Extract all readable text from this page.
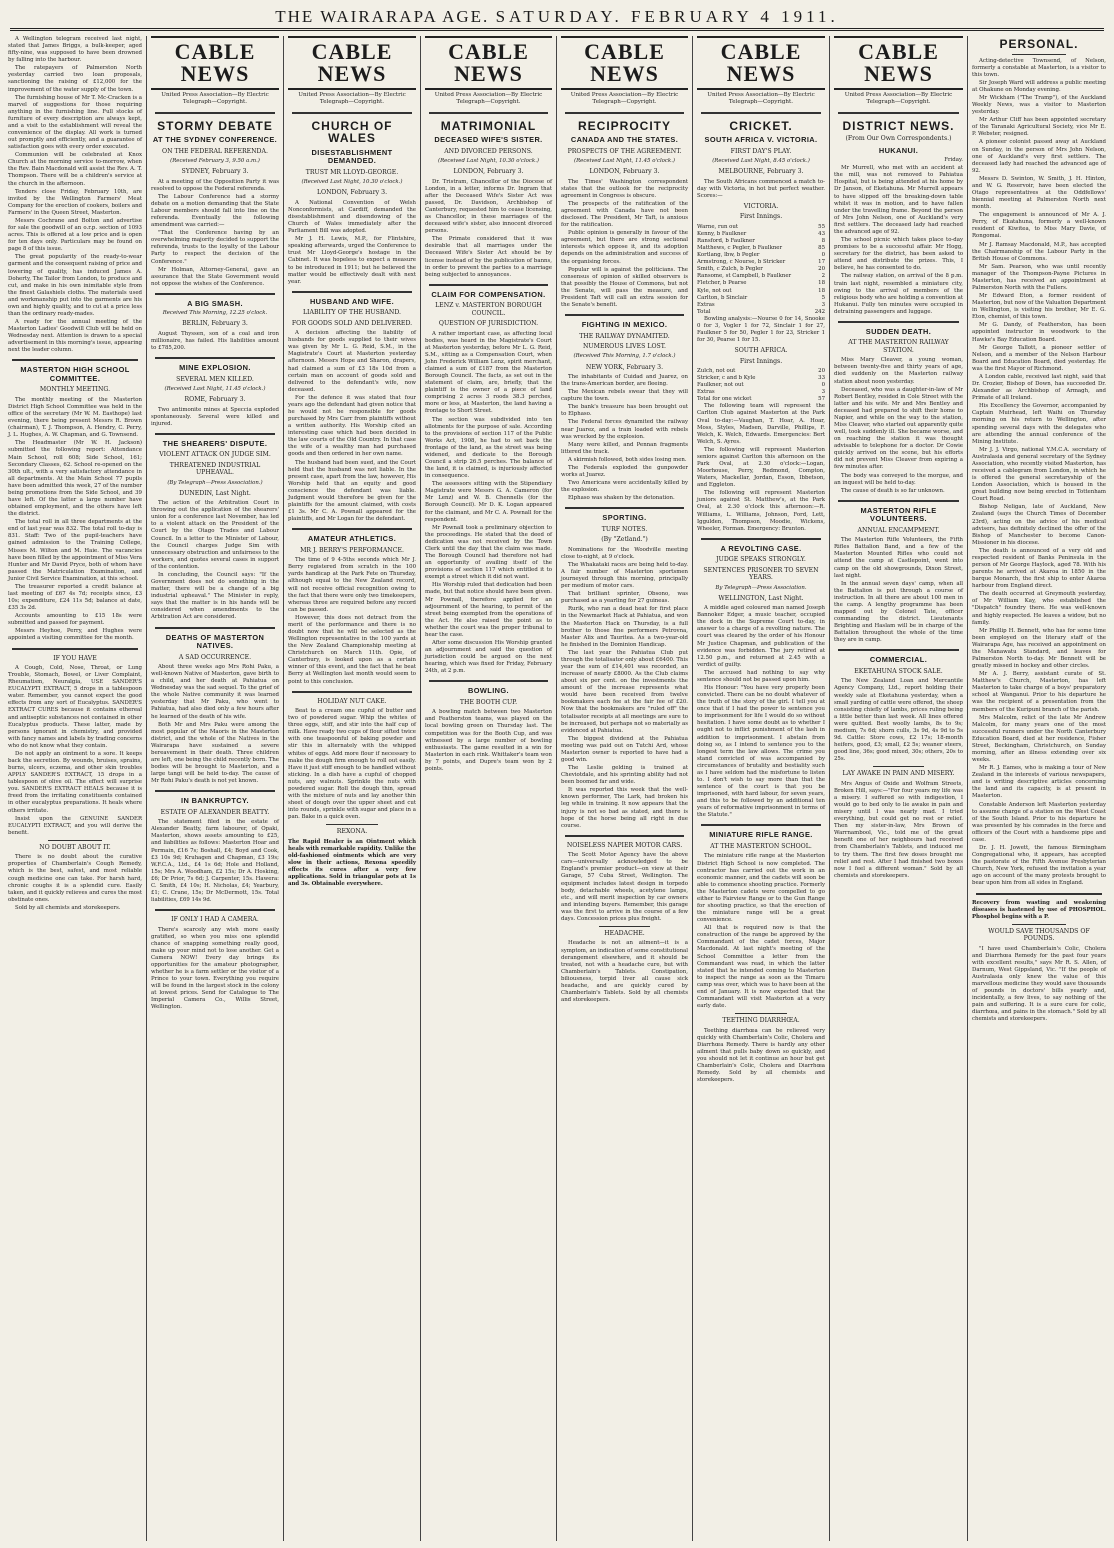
THE WAIRARAPA AGE. SATURDAY. FEBRUARY 4 1911.

A Wellington telegram received last night, stated that James Briggs, a bulk-keeper, aged fifty-nine, was supposed to have been drowned by falling into the harbour.

The ratepayers of Palmerston North yesterday carried two loan proposals, sanctioning the raising of £12,000 for the improvement of the water supply of the town.

The furnishing house of Mr T. Mc-Cracken is a marvel of suggestions for those requiring anything in the furnishing line. Full stocks of furniture of every description are always kept, and a visit to the establishment will reveal the convenience of the display. All work is turned out promptly and efficiently, and a guarantee of satisfaction goes with every order executed.

Communion will be celebrated at Knox Church at the morning service to-morrow, when the Rev. Bain Macdonald will assist the Rev. A. T. Thompson. There will be a children's service at the church in the afternoon.

Tenders close Friday, February 10th, are invited by the Wellington Farmers' Meat Company for the erection of cookers, boilers and Farmers' in the Queen Street, Masterton.

Messrs Cochrane and Bolton and advertise for sale the goodwill of an o.r.p. section of 1093 acres. This is offered at a low price and is open for ten days only. Particulars may be found on page 8 of this issue.

The great popularity of the ready-to-wear garment and the consequent raising of price and lowering of quality, has induced James A. Doherty, The Tailor from London, to produce and cut, and make in his own inimitable style from the finest Galashiels cloths. The materials used and workmanship put into the garments are his own and highly quality, and to cut at a price less than the ordinary ready-mades.

A ready for the annual meeting of the Masterton Ladies' Goodwill Club will be held on Wednesday next. Attention is drawn to a special advertisement in this morning's issue, appearing next the leader column.

MASTERTON HIGH SCHOOL COMMITTEE.
MONTHLY MEETING.

The monthly meeting of the Masterton District High School Committee was held in the office of the secretary (Mr W. M. Easthope) last evening, there being present Messrs R. Brown (chairman), T. J. Thompson, A. Hendry, C. Perry, J. L. Hughes, A. W. Chapman, and G. Townsend.

The Headmaster (Mr W. H. Jackson) submitted the following report: Attendance Main School, roll 608; Side School, 161; Secondary Classes, 62. School re-opened on the 30th ult., with a very satisfactory attendance in all departments. At the Main School 77 pupils have been admitted this week, 27 of the number being promotions from the Side School, and 39 have left. Of the latter a large number have obtained employment, and the others have left the district.

The total roll in all three departments at the end of last year was 832. The total roll to-day is 831. Staff: Two of the pupil-teachers have gained admission to the Training College, Misses M. Wilton and M. Haie. The vacancies have been filled by the appointment of Miss Vera Hunter and Mr David Pryce, both of whom have passed the Matriculation Examination, and Junior Civil Service Examination, at this school.

The treasurer reported a credit balance at last meeting of £67 4s 7d; receipts since, £3 10s; expenditure, £24 11s 5d; balance at date, £35 3s 2d.

Accounts amounting to £15 18s were submitted and passed for payment.

Messrs Heyhoe, Perry, and Hughes were appointed a visiting committee for the month.

IF YOU HAVE

A Cough, Cold, Nose, Throat, or Lung Trouble, Stomach, Bowel, or Liver Complaint, Rheumatism, Neuralgia, USE SANDER'S EUCALYPTI EXTRACT, 5 drops in a tablespoon water. Remember, you cannot expect the good effects from any sort of Eucalyptus. SANDER'S EXTRACT CURES because it contains ethereal and antiseptic substances not contained in other Eucalyptus products. These latter, made by persons ignorant in chemistry, and provided with fancy names and labels by trading concerns who do not know what they contain.

Do not apply an ointment to a sore. It keeps back the secretion. By wounds, bruises, sprains, burns, ulcers, eczema, and other skin troubles APPLY SANDER'S EXTRACT, 15 drops in a tablespoon of olive oil. The effect will surprise you. SANDER'S EXTRACT HEALS because it is freed from the irritating constituents contained in other eucalyptus preparations. It heals where others irritate.

Insist upon the GENUINE SANDER EUCALYPTI EXTRACT, and you will derive the benefit.

NO DOUBT ABOUT IT.

There is no doubt about the curative properties of Chamberlain's Cough Remedy, which is the best, safest, and most reliable cough medicine one can take. For harsh hard, chronic coughs it is a splendid cure. Easily taken, and it quickly relieves and cures the most obstinate ones.

Sold by all chemists and storekeepers.

CABLE NEWS
United Press Association—By Electric Telegraph—Copyright.
STORMY DEBATE
AT THE SYDNEY CONFERENCE.
ON THE FEDERAL REFERENDA.
(Received February 3, 9.50 a.m.)
SYDNEY, February 3.

At a meeting of the Opposition Party it was resolved to oppose the Federal referenda.

The Labour Conference had a stormy debate on a motion demanding that the State Labour members should fall into line on the referenda. Eventually the following amendment was carried:—

"That the Conference having by an overwhelming majority decided to support the referenda, trusts to the loyalty of the Labour Party to respect the decision of the Conference."

Mr Holman, Attorney-General, gave an assurance that the State Government would not oppose the wishes of the Conference.

A BIG SMASH.
Received This Morning, 12.25 o'clock.
BERLIN, February 3.

August Thyssen, son of a coal and iron millionaire, has failed. His liabilities amount to £785,200.

MINE EXPLOSION.
SEVERAL MEN KILLED.
(Received Last Night, 11.45 o'clock.)
ROME, February 3.

Two antimonite mines at Speccia exploded spontaneously. Several were killed and injured.

THE SHEARERS' DISPUTE.
VIOLENT ATTACK ON JUDGE SIM.
THREATENED INDUSTRIAL UPHEAVAL.
(By Telegraph—Press Association.)
DUNEDIN, Last Night.

The action of the Arbitration Court in throwing out the application of the shearers' union for a conference last November, has led to a violent attack on the President of the Court by the Otago Trades and Labour Council. In a letter to the Minister of Labour, the Council charges Judge Sim with unnecessary obstruction and unfairness to the workers, and quotes several cases in support of the contention.

In concluding, the Council says: "If the Government does not do something in the matter, there will be a change of a big industrial upheaval." The Minister in reply, says that the matter is in his hands will be considered when amendments to the Arbitration Act are considered.

DEATHS OF MASTERTON NATIVES.
A SAD OCCURRENCE.

About three weeks ago Mrs Rohi Paku, a well-known Native of Masterton, gave birth to a child, and her death at Pahiatua on Wednesday was the sad sequel. To the grief of the whole Native community it was learned yesterday that Mr Paku, who went to Pahiatua, had also died only a few hours after he learned of the death of his wife.

Both Mr and Mrs Paku were among the most popular of the Maoris in the Masterton district, and the whole of the Natives in the Wairarapa have sustained a severe bereavement in their death. Three children are left, one being the child recently born. The bodies will be brought to Masterton, and a large tangi will be held to-day. The cause of Mr Rohi Paku's death is not yet known.

IN BANKRUPTCY.
ESTATE OF ALEXANDER BEATTY.

The statement filed in the estate of Alexander Beatty, farm labourer, of Opaki, Masterton, shows assets amounting to £25, and liabilities as follows: Masterton Hoar and Permain, £16 7s; Boshall, £4; Boyd and Cook, £3 10s 9d; Kruhagen and Chapman, £3 19s; W.F.C.A., Ltd., £4 1s 6d; Hole and Holland, 15s; Mrs A. Woodham, £2 15s; Dr A. Hosking, £6; Dr Prior, 7s 6d; J. Carpenter, 15s. Hawera: C. Smith, £4 10s; H. Nicholas, £4; Yearbury, £1; C. Crane, 15s; Dr McDermott, 15s. Total liabilities, £69 14s 9d.

IF ONLY I HAD A CAMERA.

There's scarcely any wish more easily gratified, so when you miss one splendid chance of snapping something really good, make up your mind not to lose another. Get a Camera NOW! Every day brings its opportunities for the amateur photographer, whether he is a farm settler or the visitor of a Prince to your town. Everything you require will be found in the largest stock in the colony at lowest prices. Send for Catalogue to The Imperial Camera Co., Willis Street, Wellington.

CABLE NEWS
United Press Association—By Electric Telegraph—Copyright.
CHURCH OF WALES
DISESTABLISHMENT DEMANDED.
TRUST MR LLOYD-GEORGE.
(Received Last Night, 10.30 o'clock.)
LONDON, February 3.

A National Convention of Welsh Nonconformists, at Cardiff, demanded the disestablishment and disendowing of the Church of Wales immediately after the Parliament Bill was adopted.

Mr J. H. Lewis, M.P., for Flintshire, speaking afterwards, urged the Conference to trust Mr Lloyd-George's hostage in the Cabinet. It was hopeless to expect a measure to be introduced in 1911; but he believed the matter would be effectively dealt with next year.

HUSBAND AND WIFE.
LIABILITY OF THE HUSBAND.
FOR GOODS SOLD AND DELIVERED.

A decision affecting the liability of husbands for goods supplied to their wives was given by Mr L. G. Reid, S.M., in the Magistrate's Court at Masterton yesterday afternoon. Messrs Hope and Sharon, drapers, had claimed a sum of £3 18s 10d from a certain man on account of goods sold and delivered to the defendant's wife, now deceased.

For the defence it was stated that four years ago the defendant had given notice that he would not be responsible for goods purchased by Mrs Carr from plaintiffs without a written authority. His Worship cited an interesting case which had been decided in the law courts of the Old Country. In that case the wife of a wealthy man had purchased goods and then ordered in her own name.

The husband had been sued, and the Court held that the husband was not liable. In the present case, apart from the law, however, His Worship held that an equity and good conscience the defendant was liable. Judgment would therefore be given for the plaintiffs for the amount claimed, with costs £1 3s. Mr C. A. Pownall appeared for the plaintiffs, and Mr Logan for the defendant.

AMATEUR ATHLETICS.
MR J. BERRY'S PERFORMANCE.

The time of 9 4-5ths seconds which Mr J. Berry registered from scratch in the 100 yards handicap at the Park Fete on Thursday, although equal to the New Zealand record, will not receive official recognition owing to the fact that there were only two timekeepers, whereas three are required before any record can be passed.

However, this does not detract from the merit of the performance and there is no doubt now that he will be selected as the Wellington representative in the 100 yards at the New Zealand Championship meeting at Christchurch on March 11th. Opie, of Canterbury, is looked upon as a certain winner of this event, and the fact that he beat Berry at Wellington last month would seem to point to this conclusion.

HOLIDAY NUT CAKE.

Beat to a cream one cupful of butter and two of powdered sugar. Whip the whites of three eggs, stiff, and stir into the half cup of milk. Have ready two cups of flour sifted twice with one teaspoonful of baking powder and stir this in alternately with the whipped whites of eggs. Add more flour if necessary to make the dough firm enough to roll out easily. Have it just stiff enough to be handled without sticking. In a dish have a cupful of chopped nuts, any walnuts. Sprinkle the nuts with powdered sugar. Roll the dough thin, spread with the mixture of nuts and lay another thin sheet of dough over the upper sheet and cut into rounds, sprinkle with sugar and place in a pan. Bake in a quick oven.

REXONA.

The Rapid Healer is an Ointment which heals with remarkable rapidity. Unlike the old-fashioned ointments which are very slow in their actions, Rexona speedily effects its cures after a very few applications. Sold in triangular pots at 1s and 3s. Obtainable everywhere.

CABLE NEWS
United Press Association—By Electric Telegraph—Copyright.
MATRIMONIAL
DECEASED WIFE'S SISTER.
AND DIVORCED PERSONS.
(Received Last Night, 10.30 o'clock.)
LONDON, February 3.

Dr. Tristram, Chancellor of the Diocese of London, in a letter, informs Dr. Ingram that after the Deceased Wife's Sister Act was passed, Dr. Davidson, Archbishop of Canterbury, requested him to cease licensing, as Chancellor, in these marriages of the deceased wife's sister, also innocent divorced persons.

The Primate considered that it was desirable that all marriages under the Deceased Wife's Sister Act should be by license instead of by the publication of banns, in order to prevent the parties to a marriage being subjected to annoyances.

CLAIM FOR COMPENSATION.
LENZ v. MASTERTON BOROUGH COUNCIL.
QUESTION OF JURISDICTION.

A rather important case, as affecting local bodies, was heard in the Magistrate's Court at Masterton yesterday, before Mr L. G. Reid, S.M., sitting as a Compensation Court, when John Frederick William Lenz, spirit merchant, claimed a sum of £187 from the Masterton Borough Council. The facts, as set out in the statement of claim, are, briefly, that the plaintiff is the owner of a piece of land comprising 2 acres 3 roods 38.3 perches, more or less, at Masterton, the land having a frontage to Short Street.

The section was subdivided into ten allotments for the purpose of sale. According to the provisions of section 117 of the Public Works Act, 1908, he had to set back the frontage of the land, as the street was being widened, and dedicate to the Borough Council a strip 26.5 perches. The balance of the land, it is claimed, is injuriously affected in consequence.

The assessors sitting with the Stipendiary Magistrate were Messrs G. A. Cameron (for Mr Lenz) and W. B. Chennells (for the Borough Council). Mr D. K. Logan appeared for the claimant, and Mr C. A. Pownall for the respondent.

Mr Pownall took a preliminary objection to the proceedings. He stated that the deed of dedication was not received by the Town Clerk until the day that the claim was made. The Borough Council had therefore not had an opportunity of availing itself of the provisions of section 117 which entitled it to exempt a street which it did not want.

His Worship ruled that dedication had been made, but that notice should have been given. Mr Pownall, therefore applied for an adjournment of the hearing, to permit of the street being exempted from the operations of the Act. He also raised the point as to whether the court was the proper tribunal to hear the case.

After some discussion His Worship granted an adjournment and said the question of jurisdiction could be argued on the next hearing, which was fixed for Friday, February 24th, at 2 p.m.

BOWLING.
THE BOOTH CUP.

A bowling match between two Masterton and Featherston teams, was played on the local bowling green on Thursday last. The competition was for the Booth Cup, and was witnessed by a large number of bowling enthusiasts. The game resulted in a win for Masterton in each rink. Whittaker's team won by 7 points, and Dupre's team won by 2 points.

CABLE NEWS
United Press Association—By Electric Telegraph—Copyright.
RECIPROCITY
CANADA AND THE STATES.
PROSPECTS OF THE AGREEMENT.
(Received Last Night, 11.45 o'clock.)
LONDON, February 3.

The Times' Washington correspondent states that the outlook for the reciprocity agreement in Congress is obscure.

The prospects of the ratification of the agreement with Canada have not been disclosed. The President, Mr Taft, is anxious for the ratification.

Public opinion is generally in favour of the agreement, but there are strong sectional interests which oppose it, and its adoption depends on the administration and success of the organising forces.

Popular will is against the politicians. The consensus of opinion of skilled observers is that possibly the House of Commons, but not the Senate, will pass the measure, and President Taft will call an extra session for the Senate's benefit.

FIGHTING IN MEXICO.
THE RAILWAY DYNAMITED.
NUMEROUS LIVES LOST.
(Received This Morning, 1.7 o'clock.)
NEW YORK, February 3.

The inhabitants of Cuidad and Juarez, on the trans-American border, are fleeing.

The Mexican rebels swear that they will capture the town.

The bank's treasure has been brought out to Elphaso.

The Federal forces dynamited the railway near Juarez, and a train loaded with rebels was wrecked by the explosion.

Many were killed, and Pennan fragments littered the track.

A skirmish followed, both sides losing men.

The Federals exploded the gunpowder works at Juarez.

Two Americans were accidentally killed by the explosion.

Elphaso was shaken by the detonation.

SPORTING.
TURF NOTES.
(By "Zetland.")

Nominations for the Woodville meeting close to-night, at 9 o'clock.

The Whakataki races are being held to-day. A fair number of Masterton sportsmen journeyed through this morning, principally per medium of motor cars.

That brilliant sprinter, Obsono, was purchased as a yearling for 27 guineas.

Rurik, who ran a dead heat for first place in the Newmarket Hack at Pahiatua, and won the Masterton Hack on Thursday, is a full brother to those fine performers Petrovna, Master Alix and Tauritea. As a two-year-old he finished in the Dominion Handicap.

The last year the Pahiatua Club put through the totalisator only about £6400. This year the sum of £14,401 was recorded, an increase of nearly £8000. As the Club claims about six per cent. on the investments the amount of the increase represents what would have been received from twelve bookmakers each fee at the fair fee of £20. Now that the bookmakers are "ruled off" the totalisator receipts at all meetings are sure to be increased, but perhaps not so materially as evidenced at Pahiatua.

The biggest dividend at the Pahiatua meeting was paid out on Tutchi Ard, whose Masterton owner is reported to have had a good win.

The Leslie gelding is trained at Cheviotdale, and his sprinting ability had not been boomed far and wide.

It was reported this week that the well-known performer, The Lark, had broken his leg while in training. It now appears that the injury is not so bad as stated, and there is hope of the horse being all right in due course.

NOISELESS NAPIER MOTOR CARS.

The Scott Motor Agency have the above cars—universally acknowledged to be England's premier product—on view at their Garage, 57 Cuba Street, Wellington. The equipment includes latest design in torpedo body, detachable wheels, acetylene lamps, etc., and will merit inspection by car owners and intending buyers. Remember, this garage was the first to arrive in the course of a few days. Concession prices plus freight.

HEADACHE.

Headache is not an ailment—it is a symptom, an indication of some constitutional derangement elsewhere, and it should be treated, not with a headache cure, but with Chamberlain's Tablets. Constipation, biliousness, torpid liver all cause sick headache, and are quickly cured by Chamberlain's Tablets. Sold by all chemists and storekeepers.

CABLE NEWS
United Press Association—By Electric Telegraph—Copyright.
CRICKET.
SOUTH AFRICA V. VICTORIA.
FIRST DAY'S PLAY.
(Received Last Night, 8.45 o'clock.)
MELBOURNE, February 3.

The South Africans commenced a match to-day with Victoria, in hot but perfect weather. Scores:—

VICTORIA.
First Innings.
Warne, run out	55
Kenny, b Faulkner	43
Ransford, b Faulkner	8
Matthews, c Pegler, b Faulkner	85
Kortlang, lbw, b Pegler	0
Armstrong, c Nourse, b Stricker	17
Smith, c Zulch, b Pegler	20
Ransome, st Campbell, b Faulkner	2
Fletcher, b Pearse	18
Kyle, not out	18
Carlton, b Sinclair	5
Extras	3
Total	242

Bowling analysis:—Nourse 0 for 14, Snooke 0 for 3, Vogler 1 for 72, Sinclair 1 for 27, Faulkner 5 for 50, Pegler 1 for 23, Stricker 1 for 30, Pearse 1 for 15.

SOUTH AFRICA.
First Innings.
Zulch, not out	20
Stricker, c and b Kyle	33
Faulkner, not out	0
Extras	3
Total for one wicket	57

The following team will represent the Carlton Club against Masterton at the Park Oval to-day:—Vaughan, T. Hoar, A. Hoar, Moss, Styles, Madsen, Darville, Phillips, F. Welch, K. Welch, Edwards. Emergencies: Bert Welch, S. Ayres.

The following will represent Masterton seniors against Carlton this afternoon on the Park Oval, at 2.30 o'clock:—Logan, Moorhouse, Perry, Redmond, Compton, Waters, Mackellar, Jordan, Esson, Ibbetson, and Eggleton.

The following will represent Masterton juniors against St. Matthew's, at the Park Oval, at 2.30 o'clock this afternoon:—R. Williams, L. Williams, Johnson, Ford, Lett, Iggulden, Thompson, Moodie, Wickens, Wheeler, Forman. Emergency: Brunton.

A REVOLTING CASE.
JUDGE SPEAKS STRONGLY.
SENTENCES PRISONER TO SEVEN YEARS.
By Telegraph—Press Association.
WELLINGTON, Last Night.

A middle aged coloured man named Joseph Bannoker Edger, a music teacher, occupied the dock in the Supreme Court to-day, in answer to a charge of a revolting nature. The court was cleared by the order of his Honour Mr Justice Chapman, and publication of the evidence was forbidden. The jury retired at 12.50 p.m., and returned at 2.45 with a verdict of guilty.

The accused had nothing to say why sentence should not be passed upon him.

His Honour: "You have very properly been convicted. There can be no doubt whatever of the truth of the story of the girl. I tell you at once that if I had the power to sentence you to imprisonment for life I would do so without hesitation. I have some doubt as to whether I ought not to inflict punishment of the lash in addition to imprisonment. I abstain from doing so, as I intend to sentence you to the longest term the law allows. The crime you stand convicted of was accompanied by circumstances of brutality and bestiality such as I have seldom had the misfortune to listen to. I don't wish to say more than that the sentence of the court is that you be imprisoned, with hard labour, for seven years, and this to be followed by an additional ten years of reformative imprisonment in terms of the Statute."

MINIATURE RIFLE RANGE.
AT THE MASTERTON SCHOOL.

The miniature rifle range at the Masterton District High School is now completed. The contractor has carried out the work in an economic manner, and the cadets will soon be able to commence shooting practice. Formerly the Masterton cadets were compelled to go either to Fairview Range or to the Gun Range for shooting practice, so that the erection of the miniature range will be a great convenience.

All that is required now is that the construction of the range be approved by the Commandant of the cadet forces, Major Macdonald. At last night's meeting of the School Committee a letter from the Commandant was read, in which the latter stated that he intended coming to Masterton to inspect the range as soon as the Timaru camp was over, which was to have been at the end of January. It is now expected that the Commandant will visit Masterton at a very early date.

TEETHING DIARRHŒA.

Teething diarrhœa can be relieved very quickly with Chamberlain's Colic, Cholera and Diarrhœa Remedy. There is hardly any other ailment that pulls baby down so quickly, and you should not let it continue an hour but get Chamberlain's Colic, Cholera and Diarrhœa Remedy. Sold by all chemists and storekeepers.

CABLE NEWS
United Press Association—By Electric Telegraph—Copyright.
DISTRICT NEWS.
(From Our Own Correspondents.)
HUKANUI.

Friday.

Mr Murrell, who met with an accident at the mill, was not removed to Pahiatua Hospital, but is being attended at his home by Dr Janson, of Eketahuna. Mr Murrell appears to have slipped off the breaking-down table whilst it was in motion, and to have fallen under the travelling frame. Beyond the person of Mrs John Nelson, one of Auckland's very first settlers. The deceased lady had reached the advanced age of 92.

The school picnic which takes place to-day promises to be a successful affair. Mr Hogg, secretary for the district, has been asked to attend and distribute the prizes. This, I believe, he has consented to do.

The railway station, on arrival of the 8 p.m. train last night, resembled a miniature city, owing to the arrival of members of the religious body who are holding a convention at Hukanui. Fully ten minutes were occupied in detraining passengers and luggage.

SUDDEN DEATH.
AT THE MASTERTON RAILWAY STATION.

Miss Mary Cleaver, a young woman, between twenty-five and thirty years of age, died suddenly on the Masterton railway station about noon yesterday.

Deceased, who was a daughter-in-law of Mr Robert Bentley, resided in Cole Street with the latter and his wife. Mr and Mrs Bentley and deceased had prepared to shift their home to Napier, and while on the way to the station, Miss Cleaver, who started out apparently quite well, took suddenly ill. She became worse, and on reaching the station it was thought advisable to telephone for a doctor. Dr Cowie quickly arrived on the scene, but his efforts did not prevent Miss Cleaver from expiring a few minutes after.

The body was conveyed to the morgue, and an inquest will be held to-day.

The cause of death is so far unknown.

MASTERTON RIFLE VOLUNTEERS.
ANNUAL ENCAMPMENT.

The Masterton Rifle Volunteers, the Fifth Rifles Battalion Band, and a few of the Masterton Mounted Rifles who could not attend the camp at Castlepoint, went into camp on the old showgrounds, Dixon Street, last night.

In the annual seven days' camp, when all the Battalion is put through a course of instruction. In all there are about 100 men in the camp. A lengthy programme has been mapped out by Colonel Tate, officer commanding the district. Lieutenants Brighting and Haslam will be in charge of the Battalion throughout the whole of the time they are in camp.

COMMERCIAL.
EKETAHUNA STOCK SALE.

The New Zealand Loan and Mercantile Agency Company, Ltd., report holding their weekly sale at Eketahuna yesterday, when a small yarding of cattle were offered, the sheep consisting chiefly of lambs, prices ruling being a little better than last week. All lines offered were quitted. Best woolly lambs, 8s to 9s; medium, 7s 6d; shorn culls, 3s 9d, 4s 9d to 5s 9d. Cattle: Store cows, £2 17s; 18-month heifers, good, £3; small, £2 5s; weaner steers, good line, 36s; good mixed, 30s; others, 20s to 25s.

LAY AWAKE IN PAIN AND MISERY.

Mrs Angus of Oxide and Wolfram Streets, Broken Hill, says:—"For four years my life was a misery. I suffered so with indigestion, I would go to bed only to lie awake in pain and misery until I was nearly mad. I tried everything, but could get no rest or relief. Then my sister-in-law, Mrs Brown of Warrnambool, Vic., told me of the great benefit one of her neighbours had received from Chamberlain's Tablets, and induced me to try them. The first few doses brought me relief and rest. After I had finished two boxes now I feel a different woman." Sold by all chemists and storekeepers.

PERSONAL.

Acting-detective Townsend, of Nelson, formerly a constable at Masterton, is a visitor to this town.

Sir Joseph Ward will address a public meeting at Ohakune on Monday evening.

Mr Wickham ("The Tramp"), of the Auckland Weekly News, was a visitor to Masterton yesterday.

Mr Arthur Cliff has been appointed secretary of the Taranaki Agricultural Society, vice Mr E. P. Webster, resigned.

A pioneer colonist passed away at Auckland on Sunday, in the person of Mrs John Nelson, one of Auckland's very first settlers. The deceased lady had reached the advanced age of 92.

Messrs D. Swinton, W. Smith, J. H. Hinton, and W. G. Reservoir, have been elected the Otago representatives at the Oddfellows' biennial meeting at Palmerston North next month.

The engagement is announced of Mr A. J. Perry, of Ekatahuna, formerly a well-known resident of Kiwitea, to Miss Mary Davie, of Rongomai.

Mr J. Ramsay Macdonald, M.P., has accepted the Chairmanship of the Labour Party in the British House of Commons.

Mr Sam. Pearson, who was until recently manager of the Thompson-Payne Pictures in Masterton, has received an appointment at Palmerston North with the Fullers.

Mr Edward Eton, a former resident of Masterton, but now of the Valuation Department in Wellington, is visiting his brother, Mr E. G. Eton, chemist, of this town.

Mr G. Dandy, of Featherston, has been appointed instructor in woodwork to the Hawke's Bay Education Board.

Mr George Tallott, a pioneer settler of Nelson, and a member of the Nelson Harbour Board and Education Board, died yesterday. He was the first Mayor of Richmond.

A London cable, received last night, said that Dr. Crozier, Bishop of Down, has succeeded Dr. Alexander as Archbishop of Armagh, and Primate of all Ireland.

His Excellency the Governor, accompanied by Captain Muirhead, left Waihi on Thursday morning on his return to Wellington, after spending several days with the delegates who are attending the annual conference of the Mining Institute.

Mr J. J. Virgo, national Y.M.C.A. secretary of Australasia and general secretary of the Sydney Association, who recently visited Masterton, has received a cablegram from London, in which he is offered the general secretaryship of the London Association, which is housed in the great building now being erected in Tottenham Court Road.

Bishop Neligan, late of Auckland, New Zealand (says the Church Times of December 23rd), acting on the advice of his medical advisers, has definitely declined the offer of the Bishop of Manchester to become Canon-Missioner in his diocese.

The death is announced of a very old and respected resident of Banks Peninsula in the person of Mr George Haylock, aged 78. With his parents he arrived at Akaroa in 1850 in the barque Monarch, the first ship to enter Akaroa harbour from England direct.

The death occurred at Greymouth yesterday, of Mr William Kay, who established the "Dispatch" foundry there. He was well-known and highly respected. He leaves a widow, but no family.

Mr Phillip H. Bennett, who has for some time been employed on the literary staff of the Wairarapa Age, has received an appointment on the Manawatu Standard, and leaves for Palmerston North to-day. Mr Bennett will be greatly missed in hockey and other circles.

Mr A. J. Berry, assistant curate of St. Matthew's Church, Masterton, has left Masterton to take charge of a boys' preparatory school at Wanganui. Prior to his departure he was the recipient of a presentation from the members of the Kuripuni branch of the parish.

Mrs Malcolm, relict of the late Mr Andrew Malcolm, for many years one of the most successful runners under the North Canterbury Education Board, died at her residence, Fisher Street, Beckingham, Christchurch, on Sunday morning, after an illness extending over six weeks.

Mr R. J. Eames, who is making a tour of New Zealand in the interests of various newspapers, and is writing descriptive articles concerning the land and its capacity, is at present in Masterton.

Constable Anderson left Masterton yesterday to assume charge of a station on the West Coast of the South Island. Prior to his departure he was presented by his comrades in the force and officers of the Court with a handsome pipe and case.

Dr. J. H. Jowett, the famous Birmingham Congregational who, it appears, has accepted the pastorate of the Fifth Avenue Presbyterian Church, New York, refused the invitation a year ago on account of the many protests brought to bear upon him from all sides in England.

Recovery from wasting and weakening diseases is hastened by use of PHOSPHOL. Phosphol begins with a P.

WOULD SAVE THOUSANDS OF POUNDS.

"I have used Chamberlain's Colic, Cholera and Diarrhœa Remedy for the past four years with excellent results," says Mr R. S. Allen, of Darnum, West Gippsland, Vic. "If the people of Australasia only knew the value of this marvellous medicine they would save thousands of pounds in doctors' bills yearly and, incidentally, a few lives, to say nothing of the pain and suffering. It is a sure cure for colic, diarrhœa, and pains in the stomach." Sold by all chemists and storekeepers.
